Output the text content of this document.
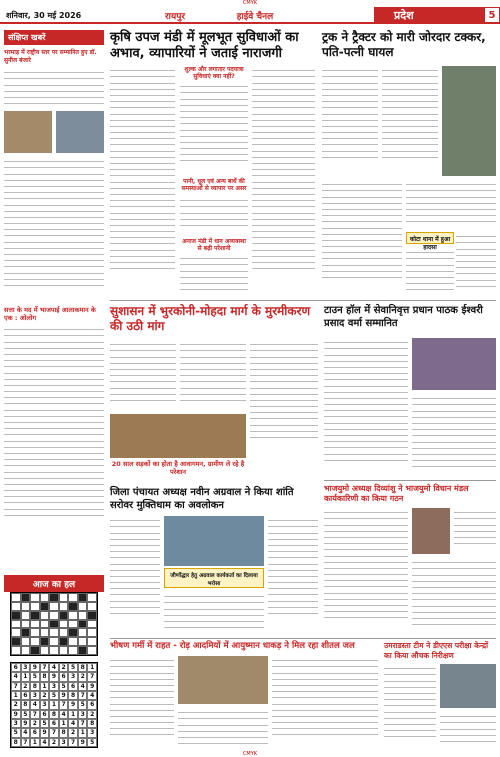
CMYK
शनिवार, 30 मई 2026	रायपुर	हाईवे चैनल	प्रदेश	5
संक्षिप्त खबरें
भरमाड़ में राष्ट्रीय स्तर पर सम्मानित हुए डॉ. सुनील बंजारे
सत्ता के मद में भाजपाई आलाकमान के एक : ओलोग
आज का हल
6 3 9 7 4 2 5 8 1
4 1 5 8 9 6 3 2 7
7 2 8 1 3 5 6 4 9
1 6 3 2 5 9 8 7 4
2 8 4 3 1 7 9 5 6
9 5 7 6 8 4 1 3 2
3 9 2 5 6 1 4 7 8
5 4 6 9 7 8 2 1 3
8 7 1 4 2 3 7 9 5
कृषि उपज मंडी में मूलभूत सुविधाओं का अभाव, व्यापारियों ने जताई नाराजगी
शुल्क और लगातार पदयात्रा सुविधाएं क्या नहीं?
पानी, धूल एवं अन्य बाधें की समस्याओं से व्यापार पर असर
अनाज मंडी में धान अव्यवस्था से बढ़ी परेशानी
ट्रक ने ट्रैक्टर को मारी जोरदार टक्कर, पति-पत्नी घायल
कोटा थाना में हुआ हादसा
सुशासन में भुरकोनी-मोहदा मार्ग के मुरमीकरण की उठी मांग
20 साल सड़कों का होता है आवागमन, ग्रामीण ले रहे है परेशान
टाउन हॉल में सेवानिवृत्त प्रधान पाठक ईश्वरी प्रसाद वर्मा सम्मानित
भाजयुमो अध्यक्ष दिव्यांशु ने भाजयुमो विधान मंडल कार्यकारिणी का किया गठन
जिला पंचायत अध्यक्ष नवीन अग्रवाल ने किया शांति सरोवर मुक्तिधाम का अवलोकन
जीर्णोद्धार हेतु अग्रवाल कार्यकर्ता का दिलाया भरोसा
भीषण गर्मी में राहत - रोड़ आदमियों में आयुष्मान धाकड़ ने मिल रहा शीतल जल	उमराडस्ता टीम ने डीएएस परीक्षा केन्द्रों का किया औचक निरीक्षण
CMYK
